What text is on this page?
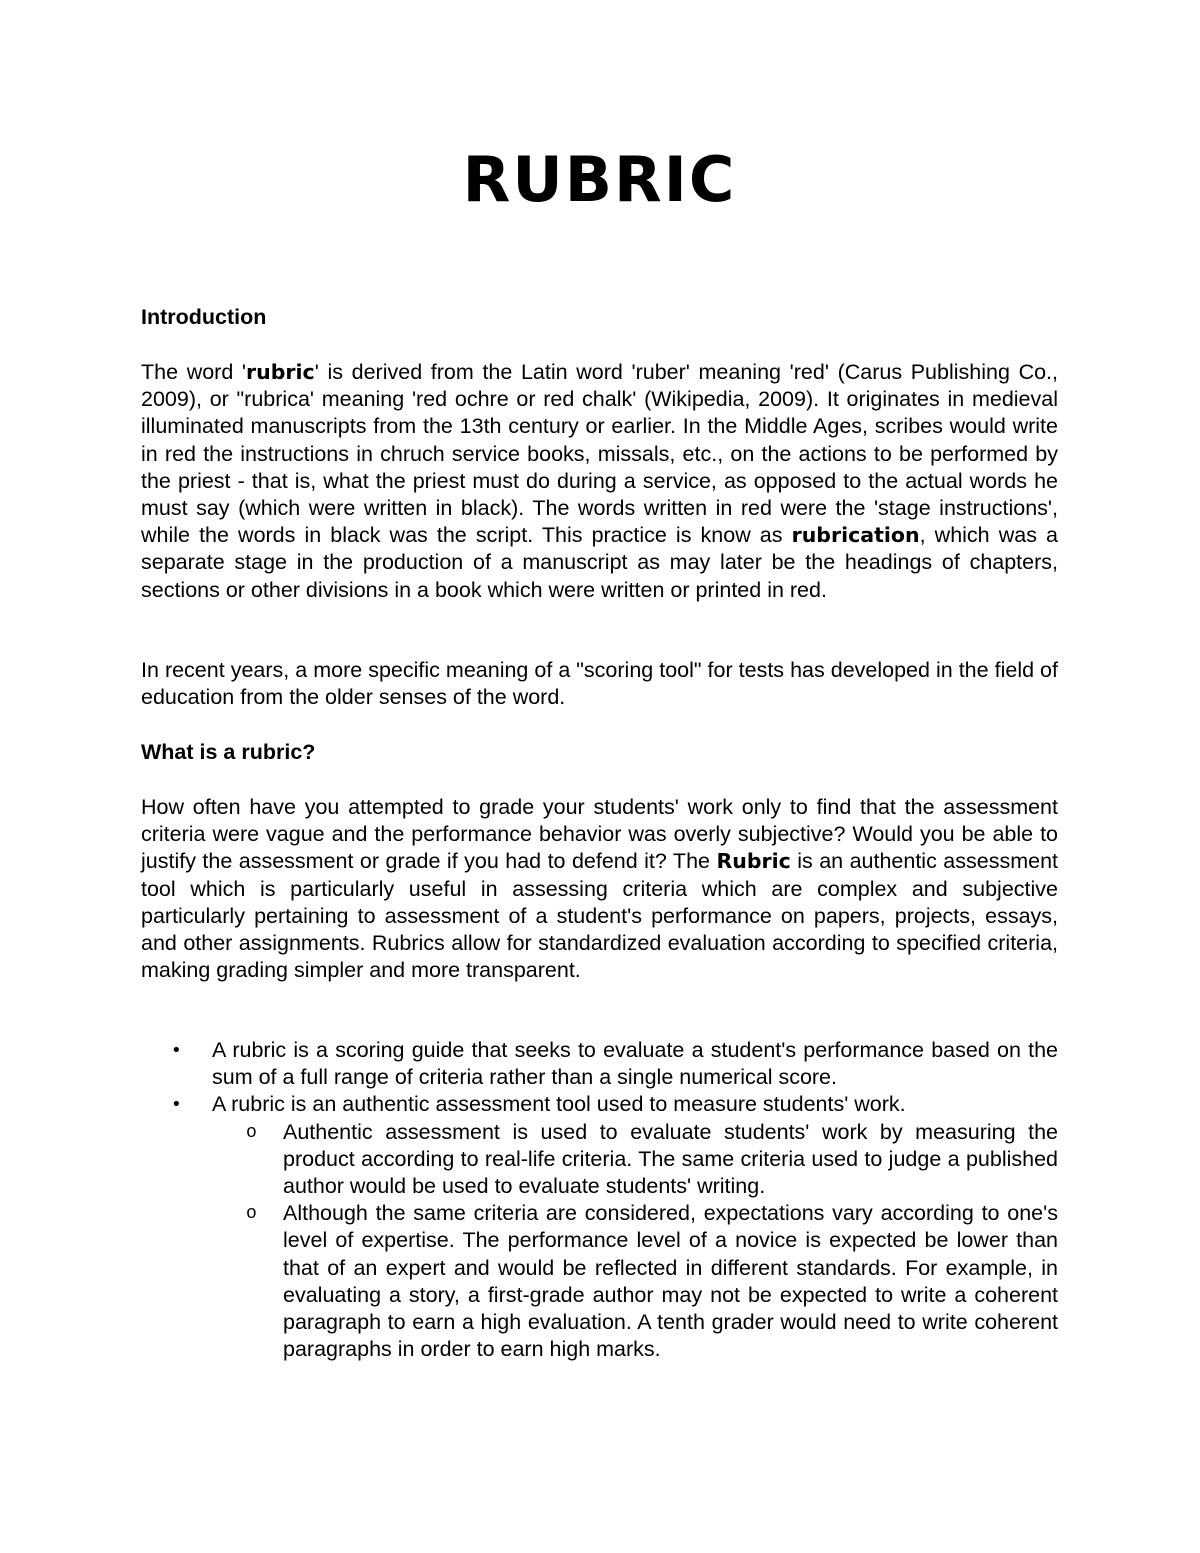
RUBRIC
Introduction

The word 'rubric' is derived from the Latin word 'ruber' meaning 'red' (Carus Publishing Co., 2009), or "rubrica' meaning 'red ochre or red chalk' (Wikipedia, 2009). It originates in medieval illuminated manuscripts from the 13th century or earlier. In the Middle Ages, scribes would write in red the instructions in chruch service books, missals, etc., on the actions to be performed by the priest - that is, what the priest must do during a service, as opposed to the actual words he must say (which were written in black). The words written in red were the 'stage instructions', while the words in black was the script. This practice is know as rubrication, which was a separate stage in the production of a manuscript as may later be the headings of chapters, sections or other divisions in a book which were written or printed in red.

In recent years, a more specific meaning of a "scoring tool" for tests has developed in the field of education from the older senses of the word.

What is a rubric?

How often have you attempted to grade your students' work only to find that the assessment criteria were vague and the performance behavior was overly subjective? Would you be able to justify the assessment or grade if you had to defend it? The Rubric is an authentic assessment tool which is particularly useful in assessing criteria which are complex and subjective particularly pertaining to assessment of a student's performance on papers, projects, essays, and other assignments. Rubrics allow for standardized evaluation according to specified criteria, making grading simpler and more transparent.

• A rubric is a scoring guide that seeks to evaluate a student's performance based on the sum of a full range of criteria rather than a single numerical score.
• A rubric is an authentic assessment tool used to measure students' work.
o Authentic assessment is used to evaluate students' work by measuring the product according to real-life criteria. The same criteria used to judge a published author would be used to evaluate students' writing.
o Although the same criteria are considered, expectations vary according to one's level of expertise. The performance level of a novice is expected be lower than that of an expert and would be reflected in different standards. For example, in evaluating a story, a first-grade author may not be expected to write a coherent paragraph to earn a high evaluation. A tenth grader would need to write coherent paragraphs in order to earn high marks.
